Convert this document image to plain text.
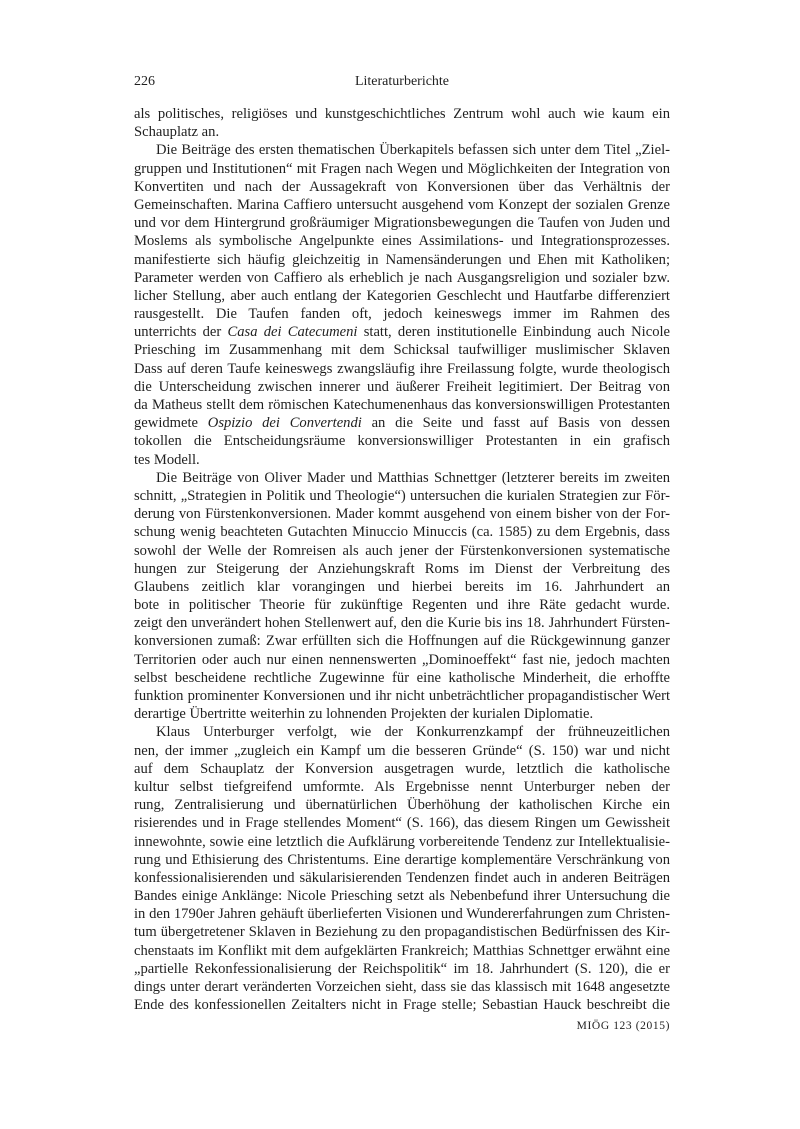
226	Literaturberichte
als politisches, religiöses und kunstgeschichtliches Zentrum wohl auch wie kaum ein
Schauplatz an.
Die Beiträge des ersten thematischen Überkapitels befassen sich unter dem Titel „Ziel-
gruppen und Institutionen“ mit Fragen nach Wegen und Möglichkeiten der Integration von
Konvertiten und nach der Aussagekraft von Konversionen über das Verhältnis der
Gemeinschaften. Marina Caffiero untersucht ausgehend vom Konzept der sozialen Grenze
und vor dem Hintergrund großräumiger Migrationsbewegungen die Taufen von Juden und
Moslems als symbolische Angelpunkte eines Assimilations- und Integrationsprozesses.
manifestierte sich häufig gleichzeitig in Namensänderungen und Ehen mit Katholiken;
Parameter werden von Caffiero als erheblich je nach Ausgangsreligion und sozialer bzw.
licher Stellung, aber auch entlang der Kategorien Geschlecht und Hautfarbe differenziert
rausgestellt. Die Taufen fanden oft, jedoch keineswegs immer im Rahmen des
unterrichts der Casa dei Catecumeni statt, deren institutionelle Einbindung auch Nicole
Priesching im Zusammenhang mit dem Schicksal taufwilliger muslimischer Sklaven
Dass auf deren Taufe keineswegs zwangsläufig ihre Freilassung folgte, wurde theologisch
die Unterscheidung zwischen innerer und äußerer Freiheit legitimiert. Der Beitrag von
da Matheus stellt dem römischen Katechumenenhaus das konversionswilligen Protestanten
gewidmete Ospizio dei Convertendi an die Seite und fasst auf Basis von dessen
tokollen die Entscheidungsräume konversionswilliger Protestanten in ein grafisch
tes Modell.
Die Beiträge von Oliver Mader und Matthias Schnettger (letzterer bereits im zweiten
schnitt, „Strategien in Politik und Theologie“) untersuchen die kurialen Strategien zur För-
derung von Fürstenkonversionen. Mader kommt ausgehend von einem bisher von der For-
schung wenig beachteten Gutachten Minuccio Minuccis (ca. 1585) zu dem Ergebnis, dass
sowohl der Welle der Romreisen als auch jener der Fürstenkonversionen systematische
hungen zur Steigerung der Anziehungskraft Roms im Dienst der Verbreitung des
Glaubens zeitlich klar vorangingen und hierbei bereits im 16. Jahrhundert an
bote in politischer Theorie für zukünftige Regenten und ihre Räte gedacht wurde.
zeigt den unverändert hohen Stellenwert auf, den die Kurie bis ins 18. Jahrhundert Fürsten-
konversionen zumaß: Zwar erfüllten sich die Hoffnungen auf die Rückgewinnung ganzer
Territorien oder auch nur einen nennenswerten „Dominoeffekt“ fast nie, jedoch machten
selbst bescheidene rechtliche Zugewinne für eine katholische Minderheit, die erhoffte
funktion prominenter Konversionen und ihr nicht unbeträchtlicher propagandistischer Wert
derartige Übertritte weiterhin zu lohnenden Projekten der kurialen Diplomatie.
Klaus Unterburger verfolgt, wie der Konkurrenzkampf der frühneuzeitlichen
nen, der immer „zugleich ein Kampf um die besseren Gründe“ (S. 150) war und nicht
auf dem Schauplatz der Konversion ausgetragen wurde, letztlich die katholische
kultur selbst tiefgreifend umformte. Als Ergebnisse nennt Unterburger neben der
rung, Zentralisierung und übernatürlichen Überhöhung der katholischen Kirche ein
risierendes und in Frage stellendes Moment“ (S. 166), das diesem Ringen um Gewissheit
innewohnte, sowie eine letztlich die Aufklärung vorbereitende Tendenz zur Intellektualisie-
rung und Ethisierung des Christentums. Eine derartige komplementäre Verschränkung von
konfessionalisierenden und säkularisierenden Tendenzen findet auch in anderen Beiträgen
Bandes einige Anklänge: Nicole Priesching setzt als Nebenbefund ihrer Untersuchung die
in den 1790er Jahren gehäuft überlieferten Visionen und Wundererfahrungen zum Christen-
tum übergetretener Sklaven in Beziehung zu den propagandistischen Bedürfnissen des Kir-
chenstaats im Konflikt mit dem aufgeklärten Frankreich; Matthias Schnettger erwähnt eine
„partielle Rekonfessionalisierung der Reichspolitik“ im 18. Jahrhundert (S. 120), die er
dings unter derart veränderten Vorzeichen sieht, dass sie das klassisch mit 1648 angesetzte
Ende des konfessionellen Zeitalters nicht in Frage stelle; Sebastian Hauck beschreibt die
MIÖG 123 (2015)
